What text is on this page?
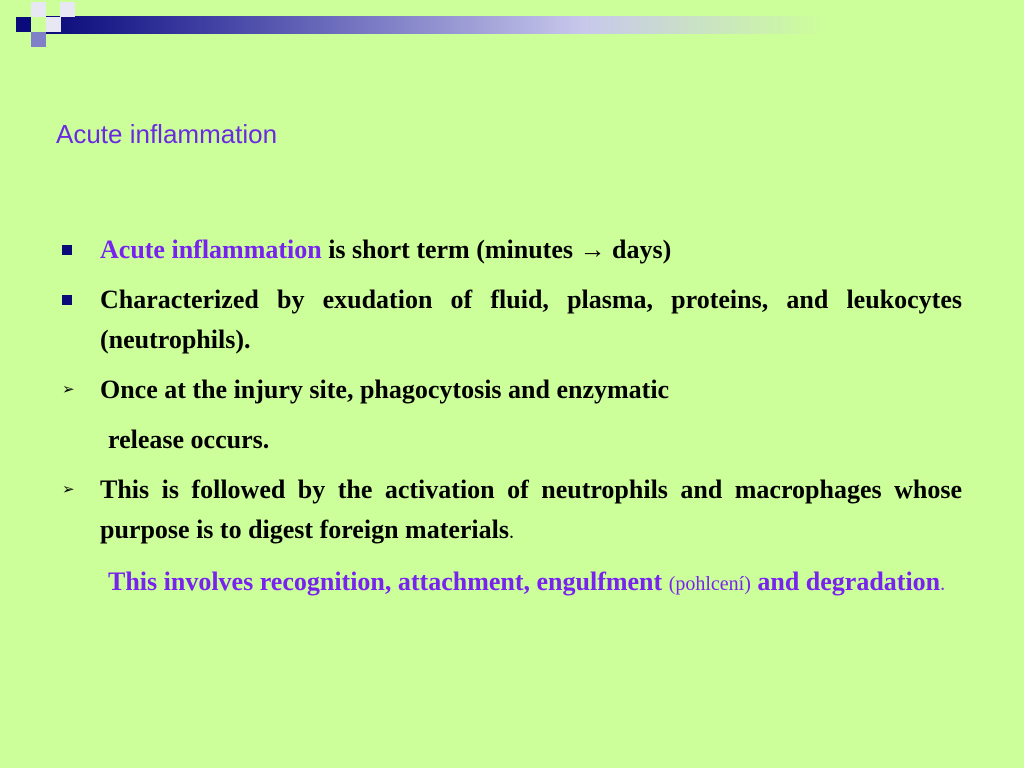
Acute inflammation
Acute inflammation is short term (minutes → days)
Characterized by exudation of fluid, plasma, proteins, and leukocytes (neutrophils).
➢ Once at the injury site, phagocytosis and enzymatic
release occurs.
➢ This is followed by the activation of neutrophils and macrophages whose purpose is to digest foreign materials.
This involves recognition, attachment, engulfment (pohlcení) and degradation.
